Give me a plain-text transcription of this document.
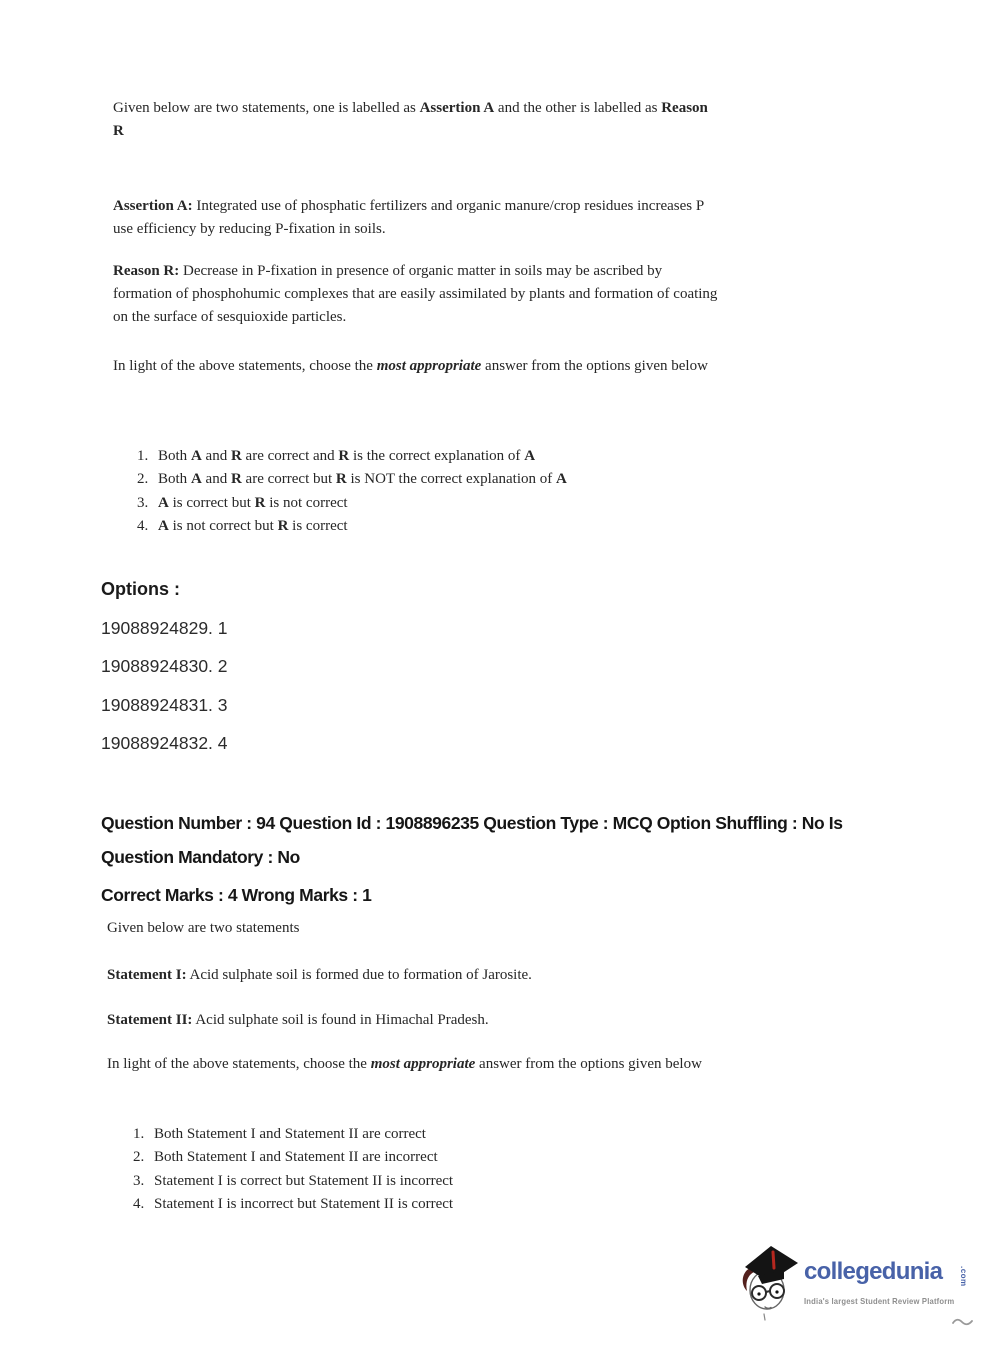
Given below are two statements, one is labelled as Assertion A and the other is labelled as Reason R

Assertion A: Integrated use of phosphatic fertilizers and organic manure/crop residues increases P use efficiency by reducing P-fixation in soils.

Reason R: Decrease in P-fixation in presence of organic matter in soils may be ascribed by formation of phosphohumic complexes that are easily assimilated by plants and formation of coating on the surface of sesquioxide particles.

In light of the above statements, choose the most appropriate answer from the options given below

1. Both A and R are correct and R is the correct explanation of A
2. Both A and R are correct but R is NOT the correct explanation of A
3. A is correct but R is not correct
4. A is not correct but R is correct
Options :
19088924829. 1
19088924830. 2
19088924831. 3
19088924832. 4
Question Number : 94 Question Id : 1908896235 Question Type : MCQ Option Shuffling : No Is
Question Mandatory : No
Correct Marks : 4 Wrong Marks : 1

Given below are two statements

Statement I: Acid sulphate soil is formed due to formation of Jarosite.

Statement II: Acid sulphate soil is found in Himachal Pradesh.

In light of the above statements, choose the most appropriate answer from the options given below

1. Both Statement I and Statement II are correct
2. Both Statement I and Statement II are incorrect
3. Statement I is correct but Statement II is incorrect
4. Statement I is incorrect but Statement II is correct
collegedunia .com
India's largest Student Review Platform
